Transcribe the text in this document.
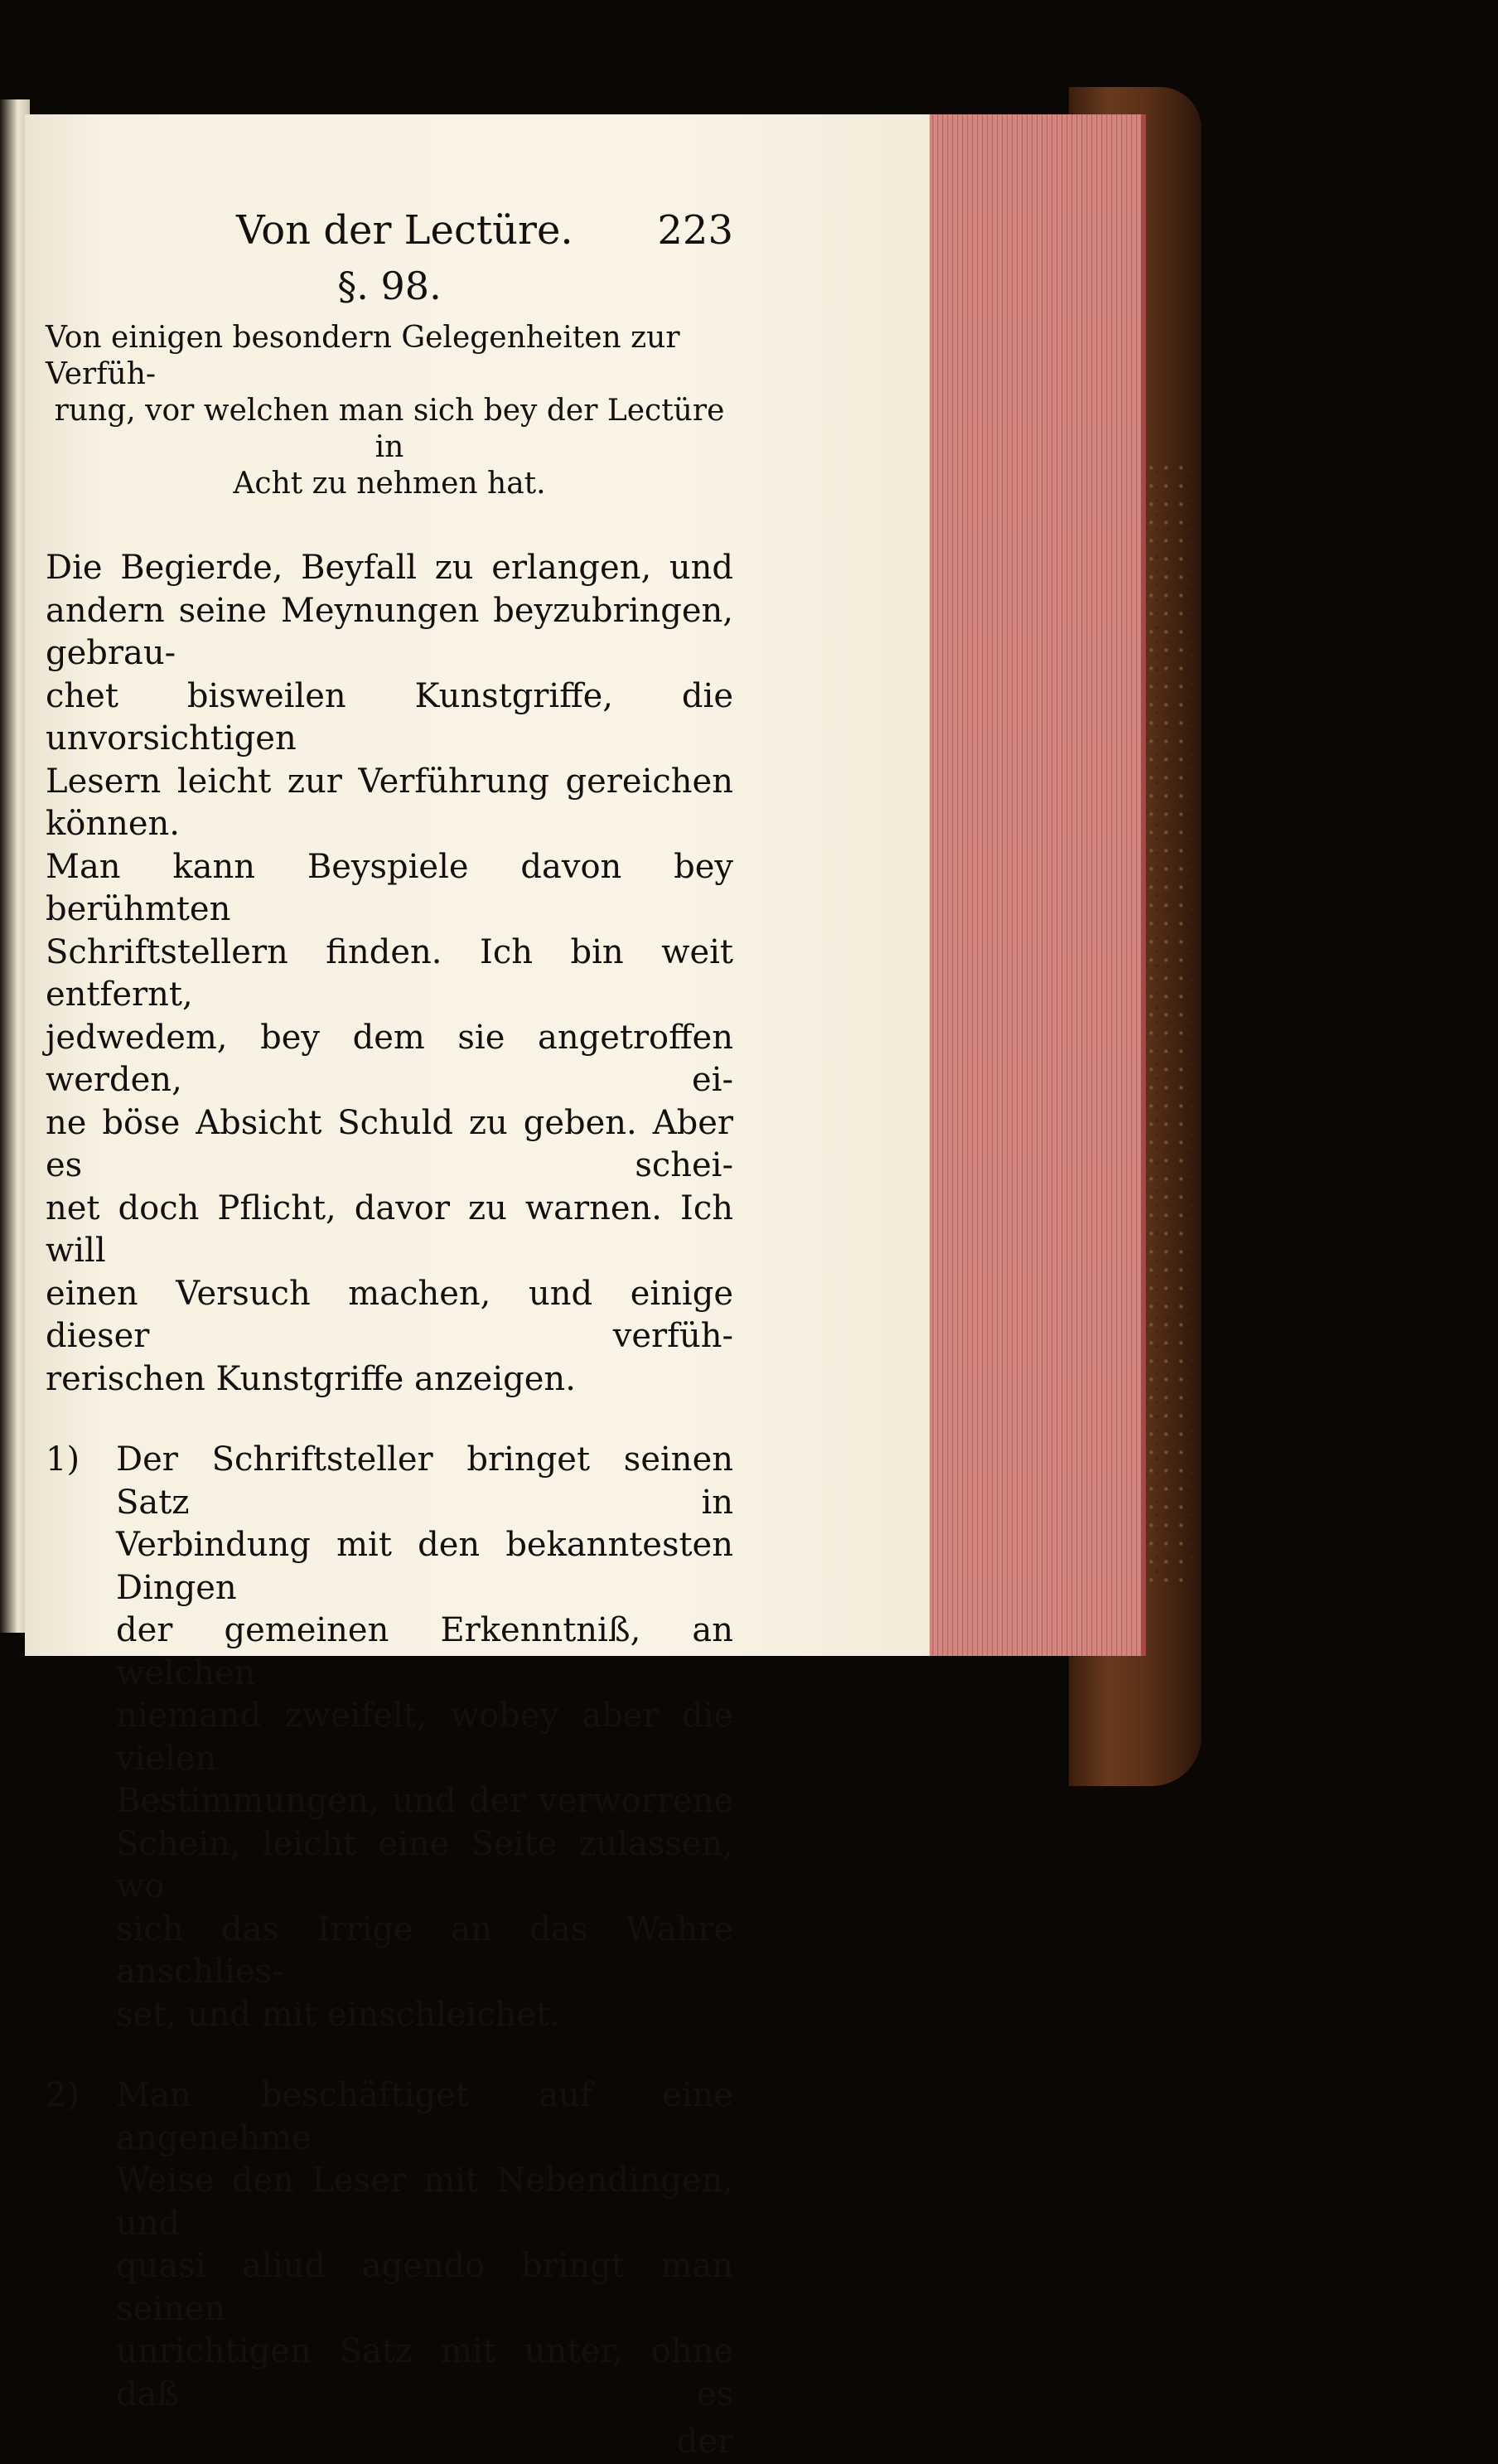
Von der Lectüre. 223
§. 98.

Von einigen besondern Gelegenheiten zur Verfüh-

rung, vor welchen man sich bey der Lectüre in

Acht zu nehmen hat.

Die Begierde, Beyfall zu erlangen, und

andern seine Meynungen beyzubringen, gebrau-

chet bisweilen Kunstgriffe, die unvorsichtigen

Lesern leicht zur Verführung gereichen können.

Man kann Beyspiele davon bey berühmten

Schriftstellern finden. Ich bin weit entfernt,

jedwedem, bey dem sie angetroffen werden, ei-

ne böse Absicht Schuld zu geben. Aber es schei-

net doch Pflicht, davor zu warnen. Ich will

einen Versuch machen, und einige dieser verfüh-

rerischen Kunstgriffe anzeigen.

1)	Der Schriftsteller bringet seinen Satz in

Verbindung mit den bekanntesten Dingen

der gemeinen Erkenntniß, an welchen

niemand zweifelt, wobey aber die vielen

Bestimmungen, und der verworrene

Schein, leicht eine Seite zulassen, wo

sich das Irrige an das Wahre anschlies-

set, und mit einschleichet.

2)	Man beschäftiget auf eine angenehme

Weise den Leser mit Nebendingen, und

quasi aliud agendo bringt man seinen

unrichtigen Satz mit unter, ohne daß es

der
